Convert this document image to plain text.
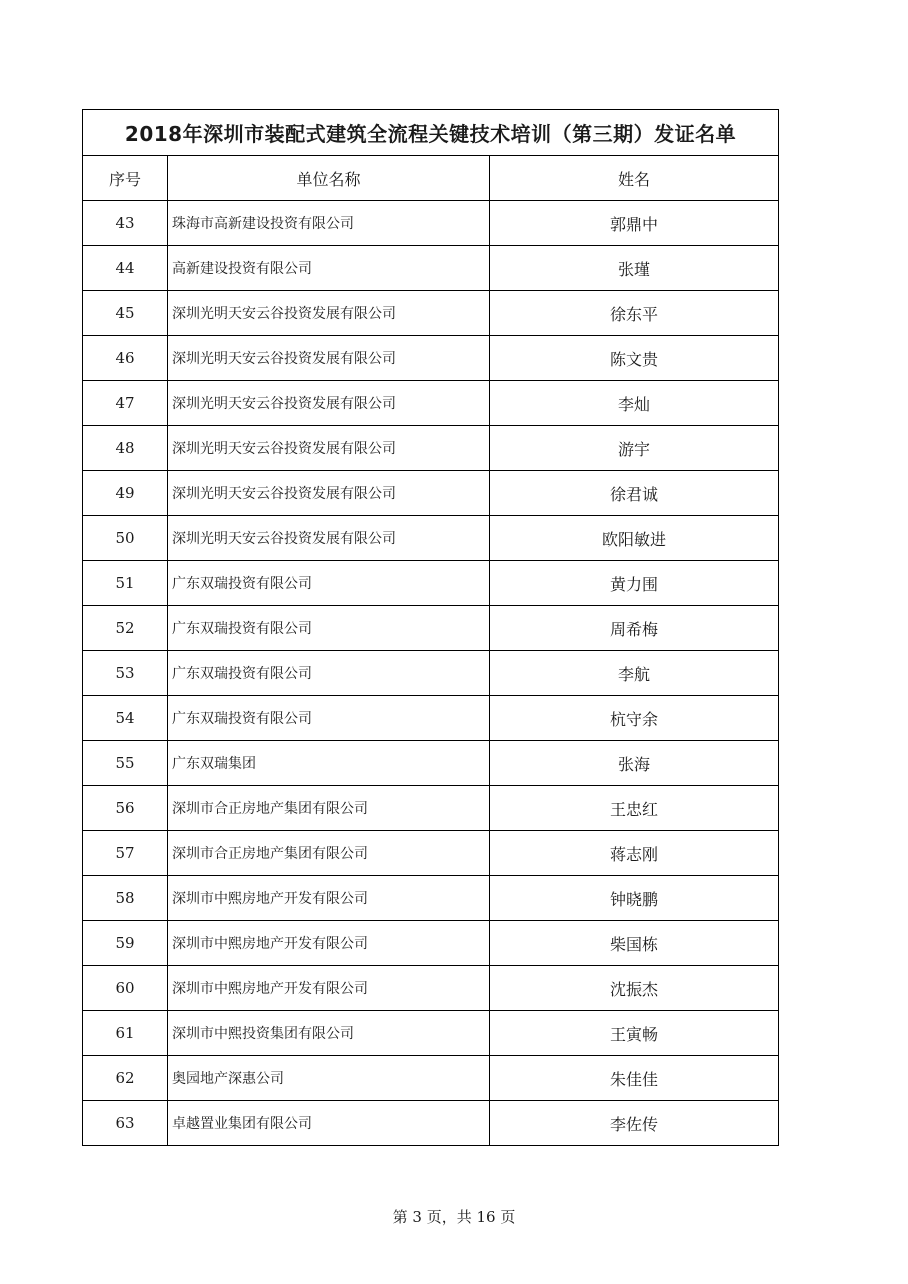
2018年深圳市装配式建筑全流程关键技术培训（第三期）发证名单		
序号	单位名称	姓名
43	珠海市高新建设投资有限公司	郭鼎中
44	高新建设投资有限公司	张瑾
45	深圳光明天安云谷投资发展有限公司	徐东平
46	深圳光明天安云谷投资发展有限公司	陈文贵
47	深圳光明天安云谷投资发展有限公司	李灿
48	深圳光明天安云谷投资发展有限公司	游宇
49	深圳光明天安云谷投资发展有限公司	徐君诚
50	深圳光明天安云谷投资发展有限公司	欧阳敏进
51	广东双瑞投资有限公司	黄力围
52	广东双瑞投资有限公司	周希梅
53	广东双瑞投资有限公司	李航
54	广东双瑞投资有限公司	杭守余
55	广东双瑞集团	张海
56	深圳市合正房地产集团有限公司	王忠红
57	深圳市合正房地产集团有限公司	蒋志刚
58	深圳市中熙房地产开发有限公司	钟晓鹏
59	深圳市中熙房地产开发有限公司	柴国栋
60	深圳市中熙房地产开发有限公司	沈振杰
61	深圳市中熙投资集团有限公司	王寅畅
62	奥园地产深惠公司	朱佳佳
63	卓越置业集团有限公司	李佐传
第 3 页，共 16 页
